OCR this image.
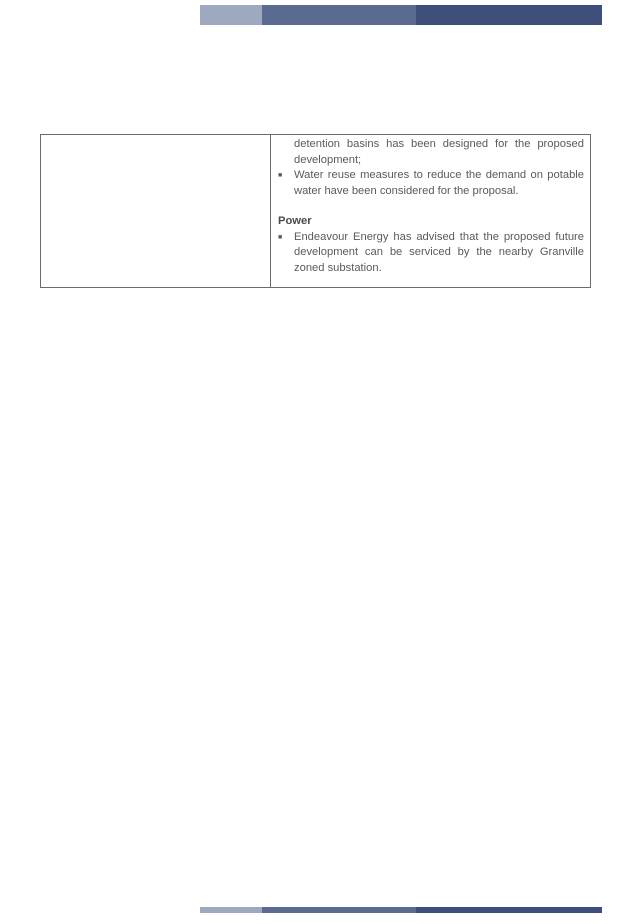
detention basins has been designed for the proposed development;
■	Water reuse measures to reduce the demand on potable water have been considered for the proposal.

Power

■	Endeavour Energy has advised that the proposed future development can be serviced by the nearby Granville zoned substation.
